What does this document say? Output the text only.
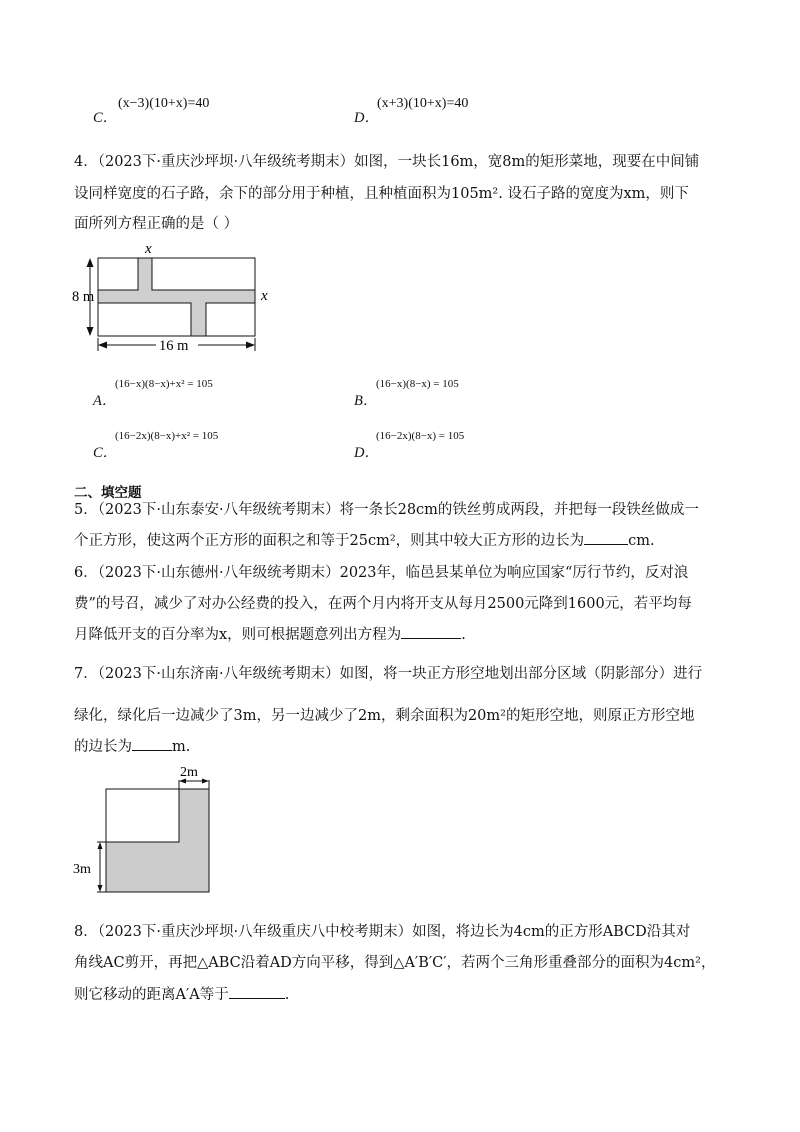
C．
(x−3)(10+x)=40
D．
(x+3)(10+x)=40
4．（2023下·重庆沙坪坝·八年级统考期末）如图，一块长16m，宽8m的矩形菜地，现要在中间铺
设同样宽度的石子路，余下的部分用于种植，且种植面积为105m². 设石子路的宽度为xm，则下
面所列方程正确的是（ ）
x
x
8 m
16 m
A．
(16−x)(8−x)+x² = 105
B．
(16−x)(8−x) = 105
C．
(16−2x)(8−x)+x² = 105
D．
(16−2x)(8−x) = 105
二、填空题
5．（2023下·山东泰安·八年级统考期末）将一条长28cm的铁丝剪成两段，并把每一段铁丝做成一
个正方形，使这两个正方形的面积之和等于25cm²，则其中较大正方形的边长为	cm.
6．（2023下·山东德州·八年级统考期末）2023年，临邑县某单位为响应国家“厉行节约，反对浪
费”的号召，减少了对办公经费的投入，在两个月内将开支从每月2500元降到1600元，若平均每
月降低开支的百分率为x，则可根据题意列出方程为	.
7．（2023下·山东济南·八年级统考期末）如图，将一块正方形空地划出部分区域（阴影部分）进行
绿化，绿化后一边减少了3m，另一边减少了2m，剩余面积为20m²的矩形空地，则原正方形空地
的边长为	m.
2m
3m
8．（2023下·重庆沙坪坝·八年级重庆八中校考期末）如图，将边长为4cm的正方形ABCD沿其对
角线AC剪开，再把△ABC沿着AD方向平移，得到△A′B′C′，若两个三角形重叠部分的面积为4cm²，
则它移动的距离A′A等于	.
